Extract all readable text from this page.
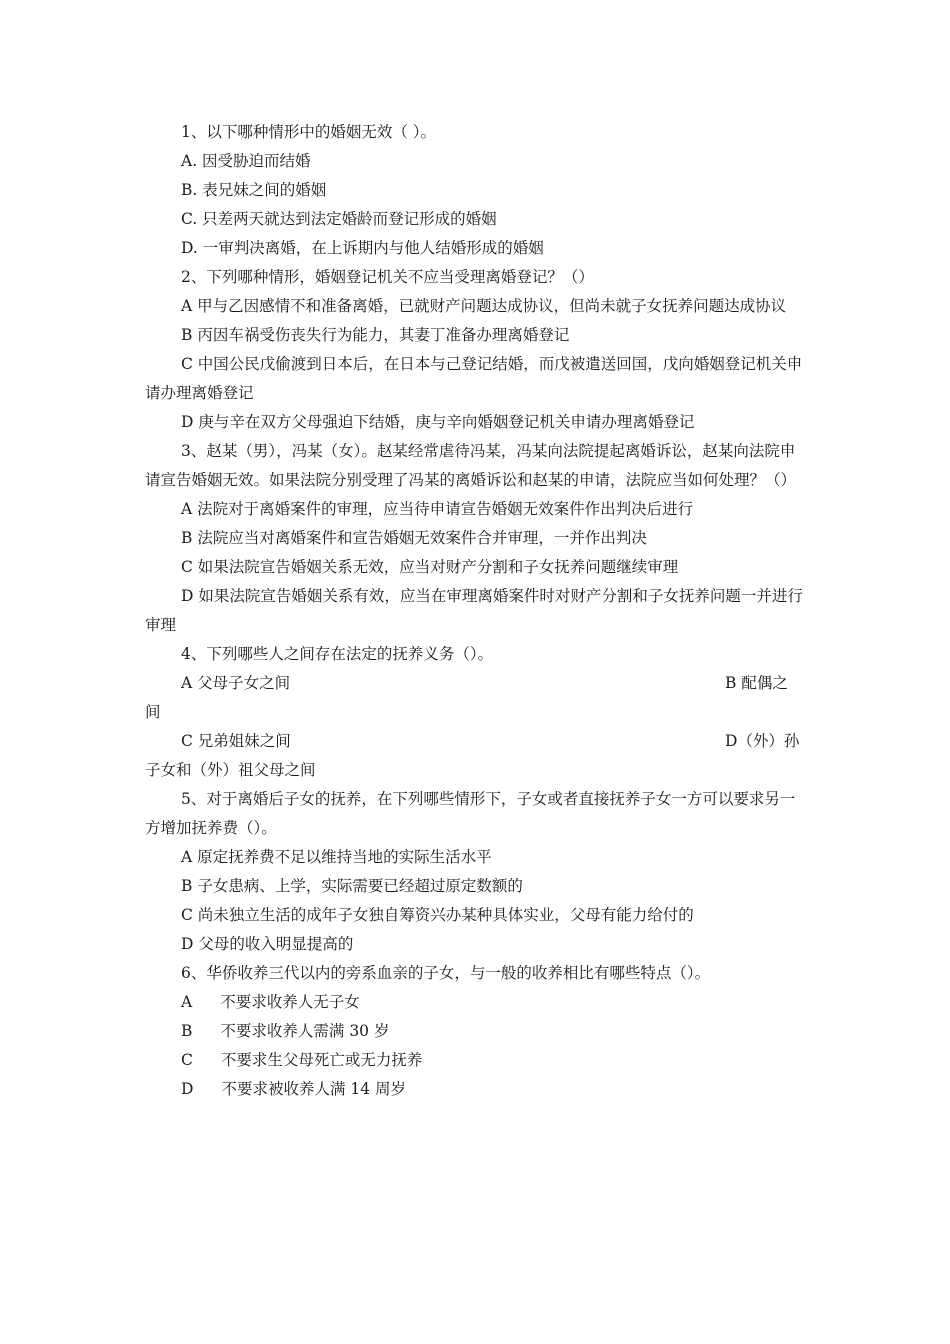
1、以下哪种情形中的婚姻无效（ ）。
A. 因受胁迫而结婚
B. 表兄妹之间的婚姻
C. 只差两天就达到法定婚龄而登记形成的婚姻
D. 一审判决离婚，在上诉期内与他人结婚形成的婚姻
2、下列哪种情形，婚姻登记机关不应当受理离婚登记？（）
A 甲与乙因感情不和准备离婚，已就财产问题达成协议，但尚未就子女抚养问题达成协议
B 丙因车祸受伤丧失行为能力，其妻丁准备办理离婚登记
C 中国公民戊偷渡到日本后，在日本与己登记结婚，而戊被遣送回国，戊向婚姻登记机关申请办理离婚登记
D 庚与辛在双方父母强迫下结婚，庚与辛向婚姻登记机关申请办理离婚登记
3、赵某（男），冯某（女）。赵某经常虐待冯某，冯某向法院提起离婚诉讼，赵某向法院申请宣告婚姻无效。如果法院分别受理了冯某的离婚诉讼和赵某的申请，法院应当如何处理？（）
A 法院对于离婚案件的审理，应当待申请宣告婚姻无效案件作出判决后进行
B 法院应当对离婚案件和宣告婚姻无效案件合并审理，一并作出判决
C 如果法院宣告婚姻关系无效，应当对财产分割和子女抚养问题继续审理
D 如果法院宣告婚姻关系有效，应当在审理离婚案件时对财产分割和子女抚养问题一并进行审理
4、下列哪些人之间存在法定的抚养义务（）。
A 父母子女之间	B 配偶之
间
C 兄弟姐妹之间	D（外）孙
子女和（外）祖父母之间
5、对于离婚后子女的抚养，在下列哪些情形下，子女或者直接抚养子女一方可以要求另一方增加抚养费（）。
A 原定抚养费不足以维持当地的实际生活水平
B 子女患病、上学，实际需要已经超过原定数额的
C 尚未独立生活的成年子女独自筹资兴办某种具体实业，父母有能力给付的
D 父母的收入明显提高的
6、华侨收养三代以内的旁系血亲的子女，与一般的收养相比有哪些特点（）。
A 不要求收养人无子女
B 不要求收养人需满 30 岁
C 不要求生父母死亡或无力抚养
D 不要求被收养人满 14 周岁
